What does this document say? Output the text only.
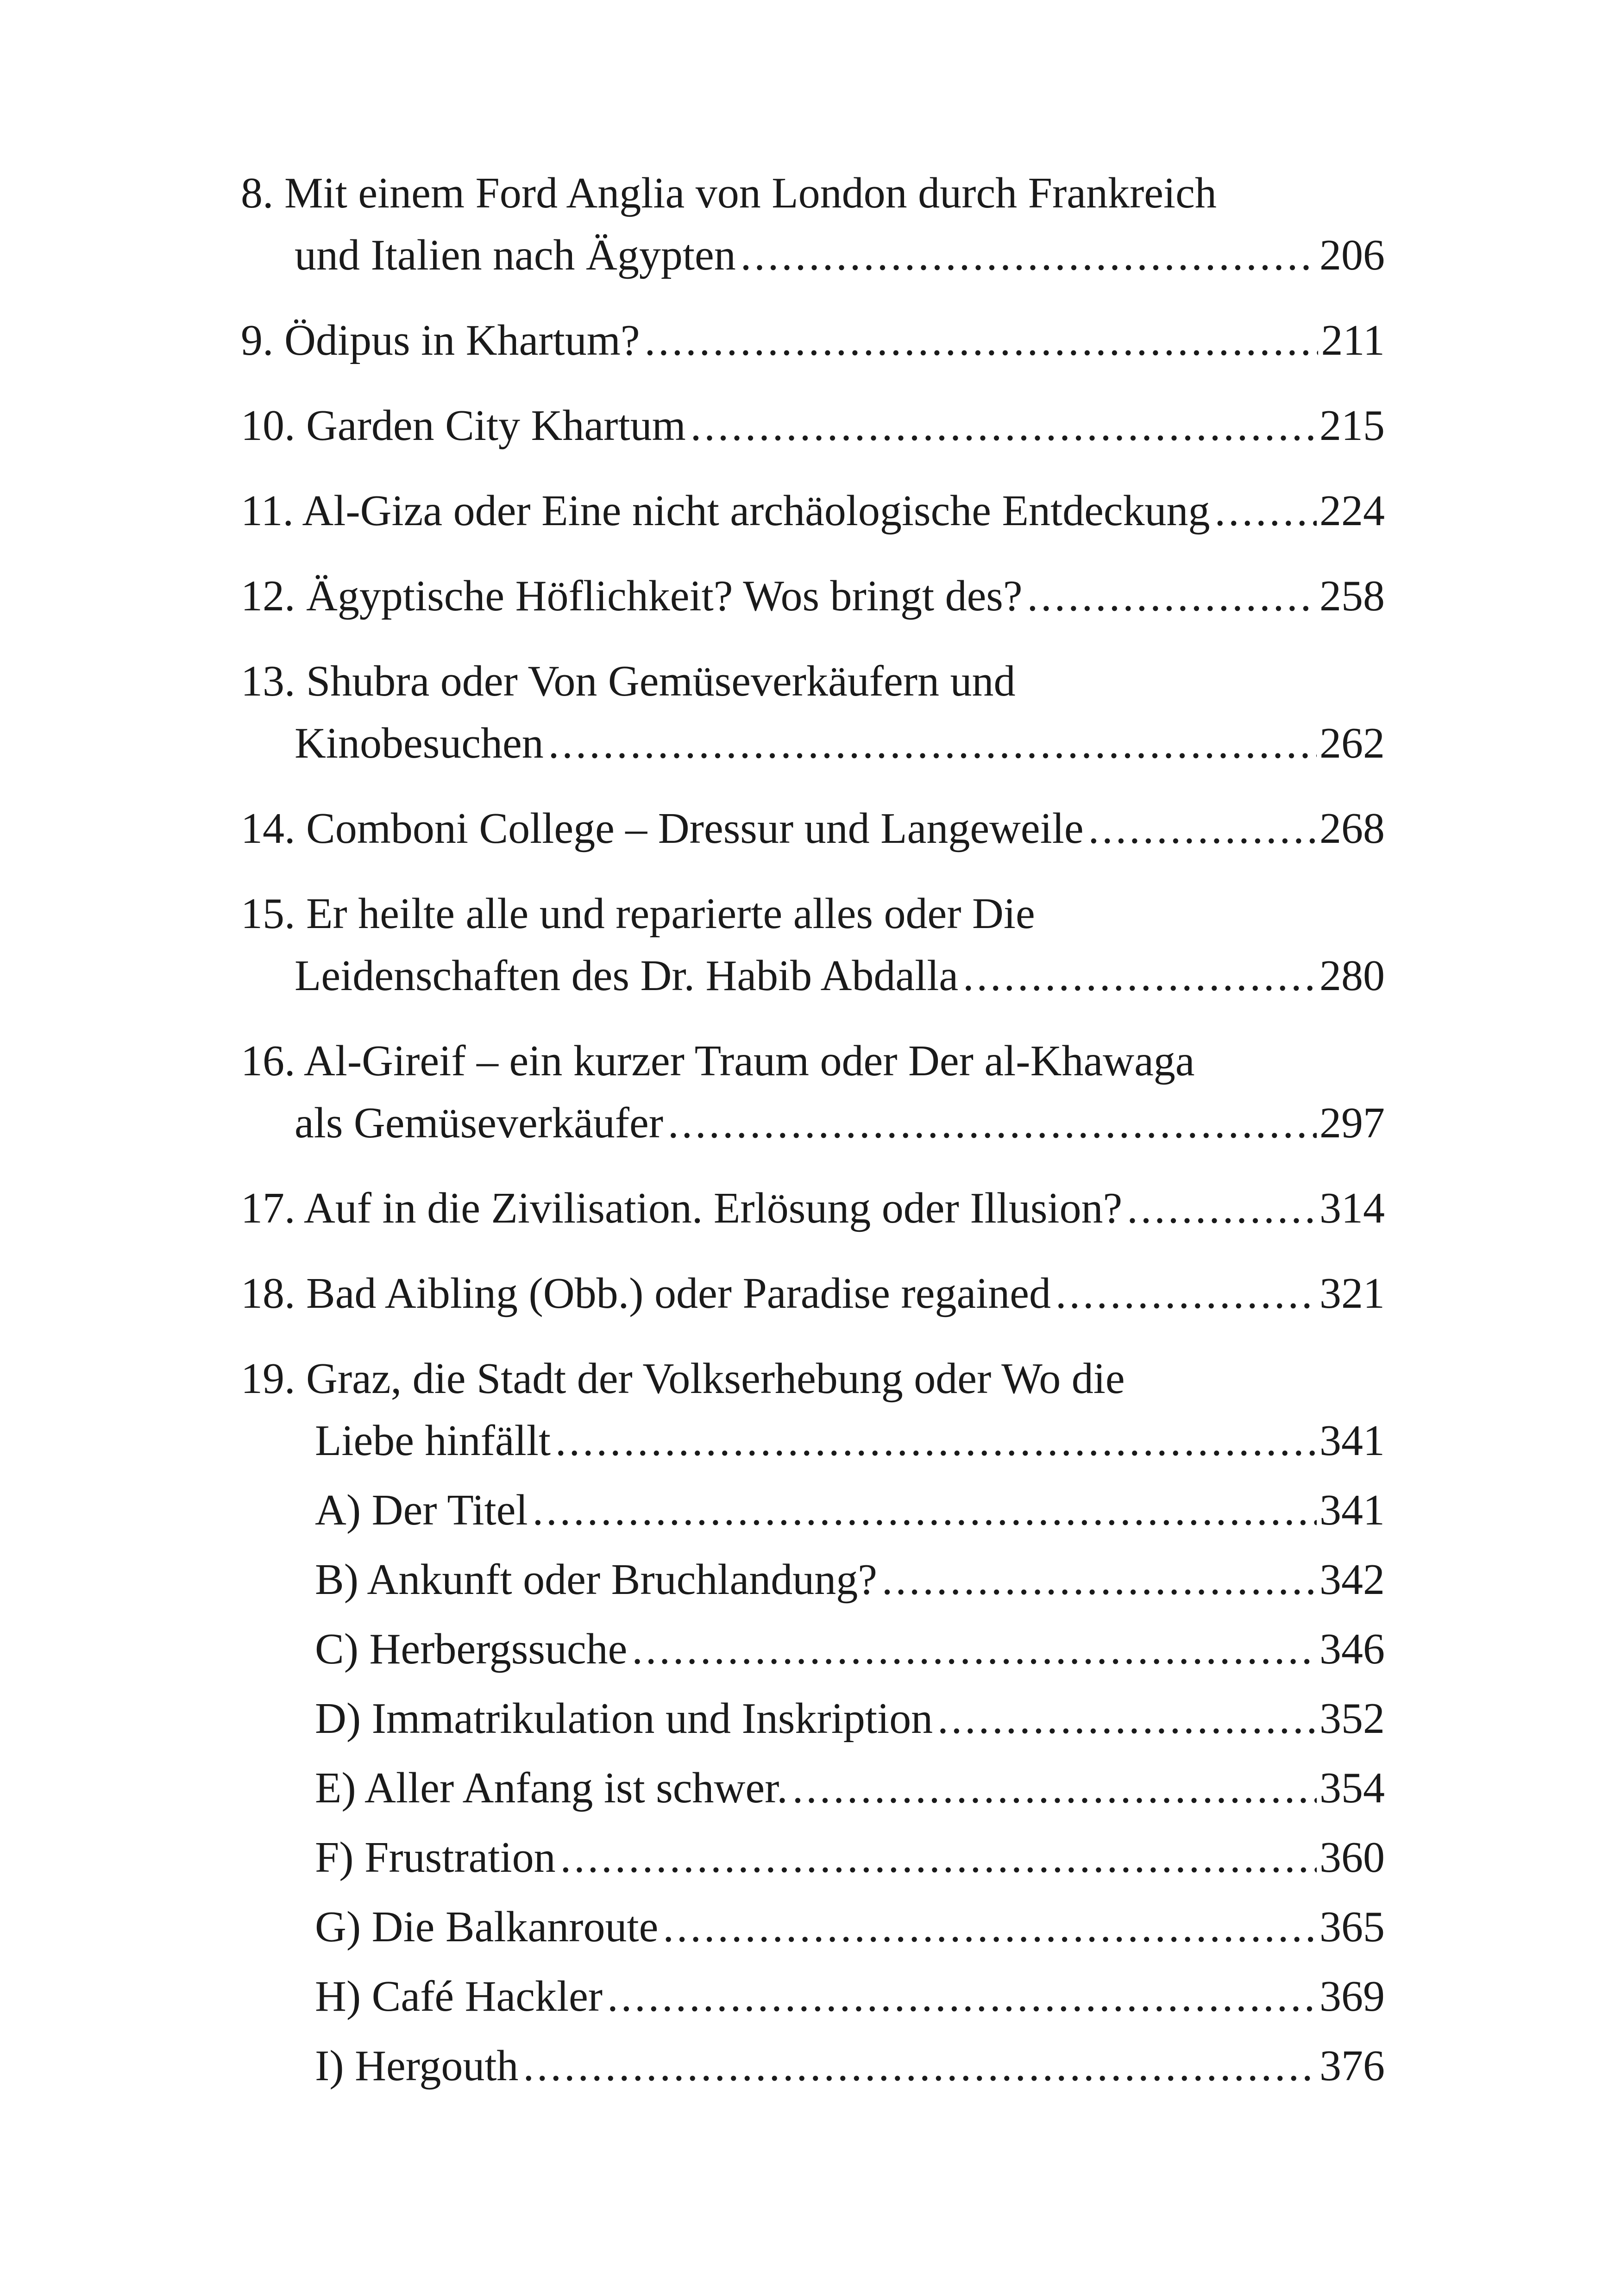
8. Mit einem Ford Anglia von London durch Frankreich
und Italien nach Ägypten .....	206
9. Ödipus in Khartum? .....	211
10. Garden City Khartum .....	215
11. Al-Giza oder Eine nicht archäologische Entdeckung .....	224
12. Ägyptische Höflichkeit? Wos bringt des? .....	258
13. Shubra oder Von Gemüseverkäufern und
Kinobesuchen .....	262
14. Comboni College – Dressur und Langeweile .....	268
15. Er heilte alle und reparierte alles oder Die
Leidenschaften des Dr. Habib Abdalla .....	280
16. Al-Gireif – ein kurzer Traum oder Der al-Khawaga
als Gemüseverkäufer .....	297
17. Auf in die Zivilisation. Erlösung oder Illusion? .....	314
18. Bad Aibling (Obb.) oder Paradise regained .....	321
19. Graz, die Stadt der Volkserhebung oder Wo die
Liebe hinfällt .....	341
A) Der Titel .....	341
B) Ankunft oder Bruchlandung? .....	342
C) Herbergssuche .....	346
D) Immatrikulation und Inskription .....	352
E) Aller Anfang ist schwer. .....	354
F) Frustration .....	360
G) Die Balkanroute .....	365
H) Café Hackler .....	369
I) Hergouth .....	376
